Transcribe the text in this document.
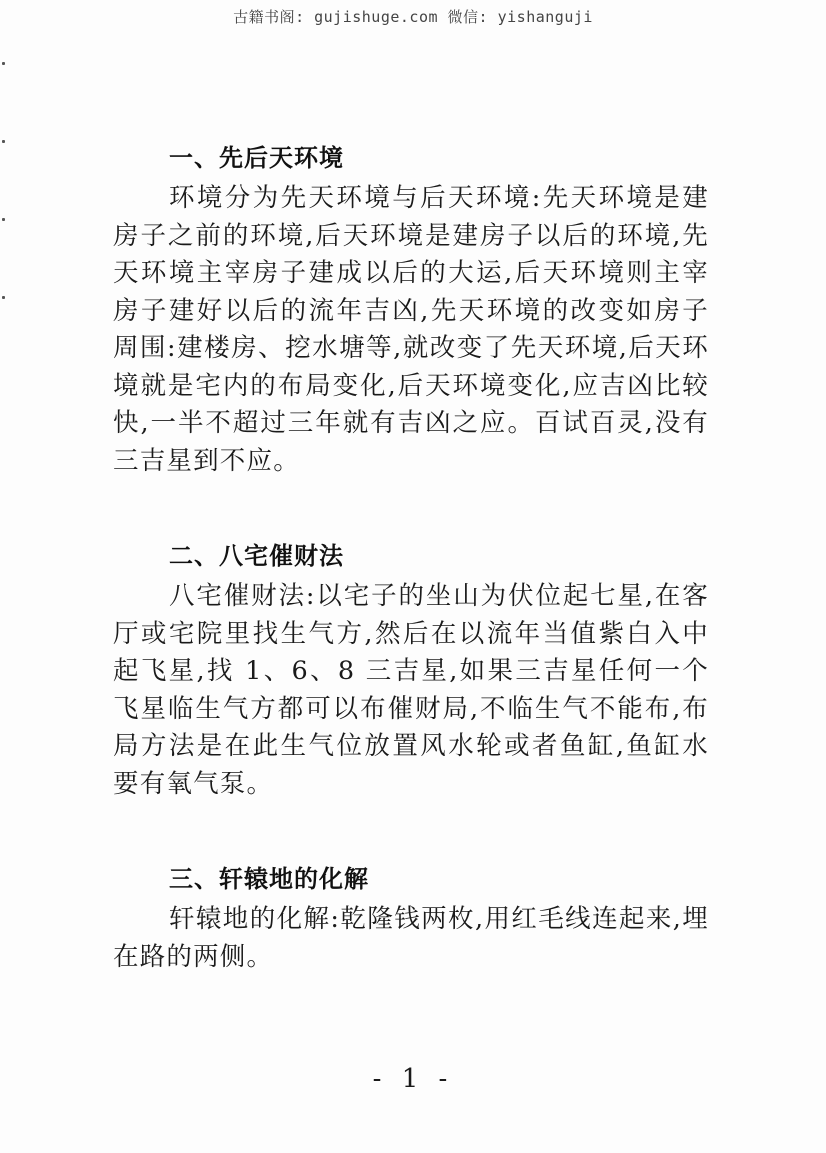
古籍书阁: gujishuge.com 微信: yishanguji
一、先后天环境

环境分为先天环境与后天环境:先天环境是建房子之前的环境,后天环境是建房子以后的环境,先天环境主宰房子建成以后的大运,后天环境则主宰房子建好以后的流年吉凶,先天环境的改变如房子周围:建楼房、挖水塘等,就改变了先天环境,后天环境就是宅内的布局变化,后天环境变化,应吉凶比较快,一半不超过三年就有吉凶之应。百试百灵,没有三吉星到不应。

二、八宅催财法

八宅催财法:以宅子的坐山为伏位起七星,在客厅或宅院里找生气方,然后在以流年当值紫白入中起飞星,找 1、6、8 三吉星,如果三吉星任何一个飞星临生气方都可以布催财局,不临生气不能布,布局方法是在此生气位放置风水轮或者鱼缸,鱼缸水要有氧气泵。

三、轩辕地的化解

轩辕地的化解:乾隆钱两枚,用红毛线连起来,埋在路的两侧。

- 1 -
